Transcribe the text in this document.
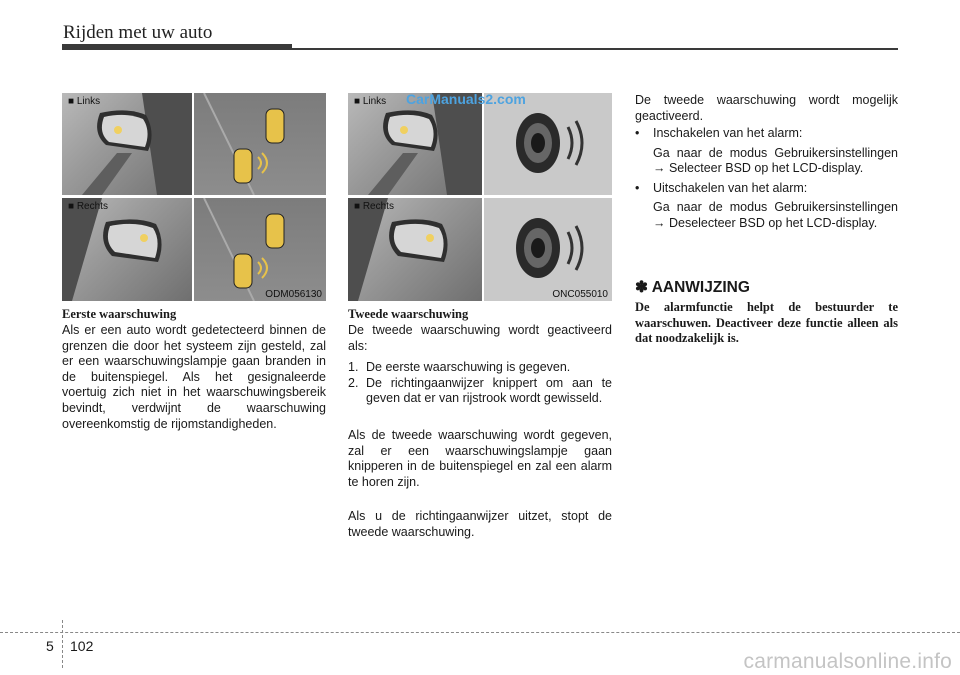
Rijden met uw auto
■ Links
■ Rechts
ODM056130
■ Links
■ Rechts
ONC055010
CarManuals2.com
Eerste waarschuwing
Als er een auto wordt gedetecteerd binnen de grenzen die door het systeem zijn gesteld, zal er een waarschuwingslampje gaan branden in de buitenspiegel. Als het gesignaleerde voertuig zich niet in het waarschuwingsbereik bevindt, verdwijnt de waarschuwing overeenkomstig de rijomstandigheden.
Tweede waarschuwing
De tweede waarschuwing wordt geactiveerd als:
1. De eerste waarschuwing is gegeven.
2. De richtingaanwijzer knippert om aan te geven dat er van rijstrook wordt gewisseld.
Als de tweede waarschuwing wordt gegeven, zal er een waarschuwingslampje gaan knipperen in de buitenspiegel en zal een alarm te horen zijn.
Als u de richtingaanwijzer uitzet, stopt de tweede waarschuwing.
De tweede waarschuwing wordt mogelijk geactiveerd.
• Inschakelen van het alarm:
Ga naar de modus Gebruikersinstellingen → Selecteer BSD op het LCD-display.
• Uitschakelen van het alarm:
Ga naar de modus Gebruikersinstellingen → Deselecteer BSD op het LCD-display.
✽ AANWIJZING
De alarmfunctie helpt de bestuurder te waarschuwen. Deactiveer deze functie alleen als dat noodzakelijk is.
5 102
carmanualsonline.info
